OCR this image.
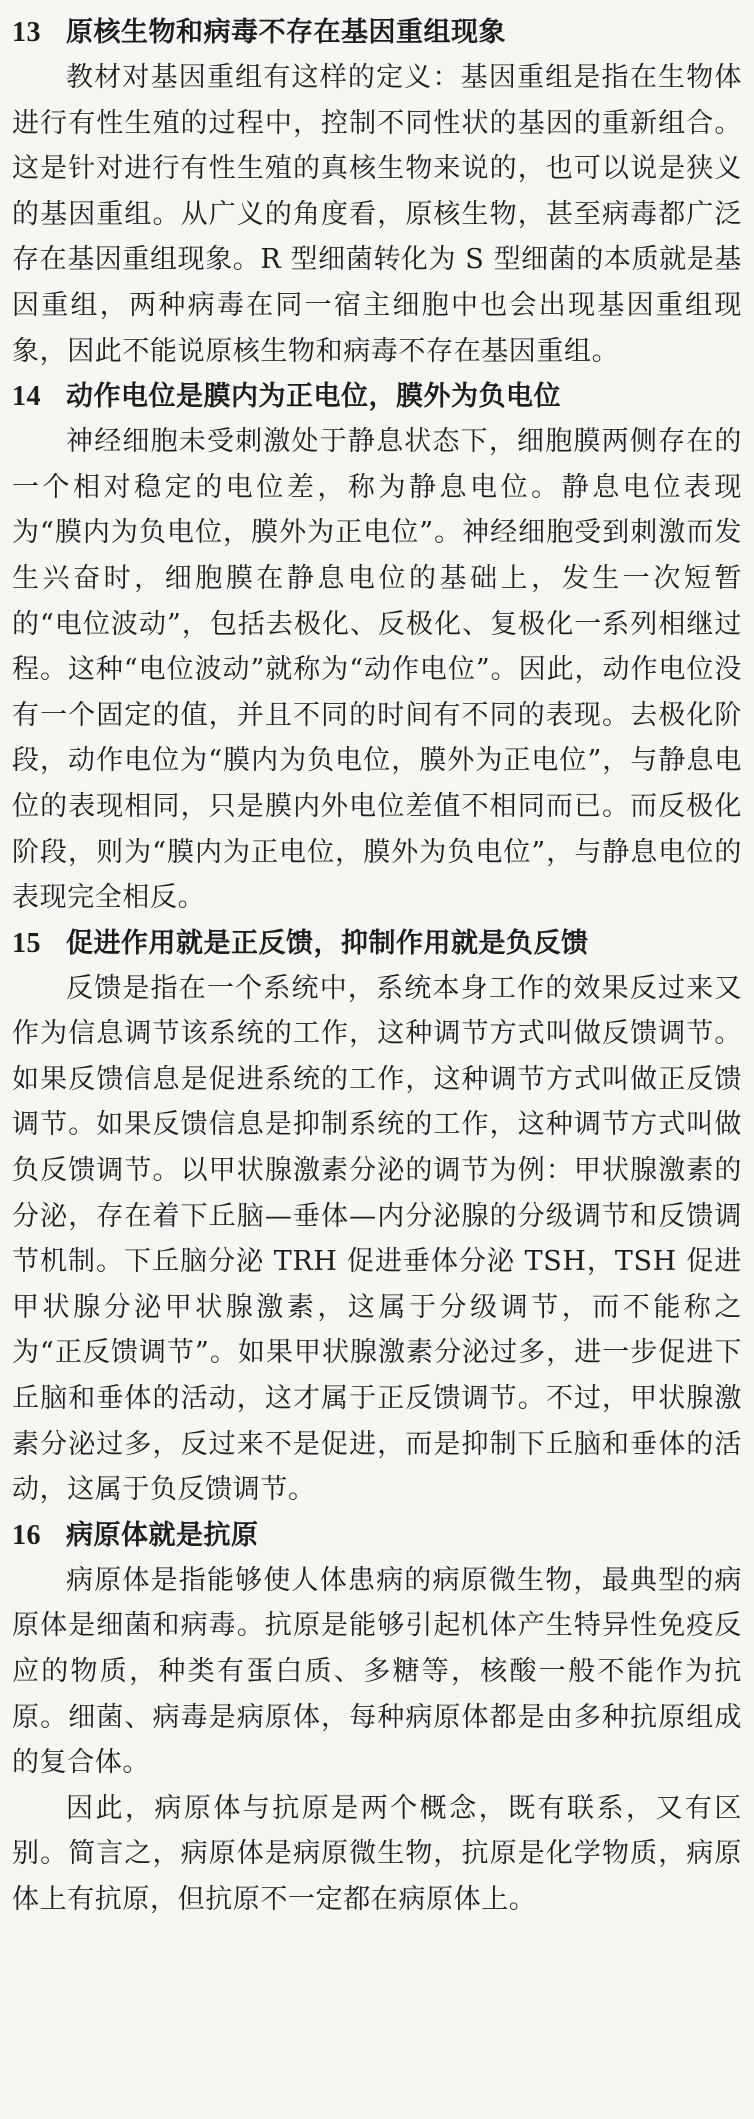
13 原核生物和病毒不存在基因重组现象

教材对基因重组有这样的定义：基因重组是指在生物体进行有性生殖的过程中，控制不同性状的基因的重新组合。这是针对进行有性生殖的真核生物来说的，也可以说是狭义的基因重组。从广义的角度看，原核生物，甚至病毒都广泛存在基因重组现象。R 型细菌转化为 S 型细菌的本质就是基因重组，两种病毒在同一宿主细胞中也会出现基因重组现象，因此不能说原核生物和病毒不存在基因重组。

14 动作电位是膜内为正电位，膜外为负电位

神经细胞未受刺激处于静息状态下，细胞膜两侧存在的一个相对稳定的电位差，称为静息电位。静息电位表现为“膜内为负电位，膜外为正电位”。神经细胞受到刺激而发生兴奋时，细胞膜在静息电位的基础上，发生一次短暂的“电位波动”，包括去极化、反极化、复极化一系列相继过程。这种“电位波动”就称为“动作电位”。因此，动作电位没有一个固定的值，并且不同的时间有不同的表现。去极化阶段，动作电位为“膜内为负电位，膜外为正电位”，与静息电位的表现相同，只是膜内外电位差值不相同而已。而反极化阶段，则为“膜内为正电位，膜外为负电位”，与静息电位的表现完全相反。

15 促进作用就是正反馈，抑制作用就是负反馈

反馈是指在一个系统中，系统本身工作的效果反过来又作为信息调节该系统的工作，这种调节方式叫做反馈调节。如果反馈信息是促进系统的工作，这种调节方式叫做正反馈调节。如果反馈信息是抑制系统的工作，这种调节方式叫做负反馈调节。以甲状腺激素分泌的调节为例：甲状腺激素的分泌，存在着下丘脑—垂体—内分泌腺的分级调节和反馈调节机制。下丘脑分泌 TRH 促进垂体分泌 TSH，TSH 促进甲状腺分泌甲状腺激素，这属于分级调节，而不能称之为“正反馈调节”。如果甲状腺激素分泌过多，进一步促进下丘脑和垂体的活动，这才属于正反馈调节。不过，甲状腺激素分泌过多，反过来不是促进，而是抑制下丘脑和垂体的活动，这属于负反馈调节。

16 病原体就是抗原

病原体是指能够使人体患病的病原微生物，最典型的病原体是细菌和病毒。抗原是能够引起机体产生特异性免疫反应的物质，种类有蛋白质、多糖等，核酸一般不能作为抗原。细菌、病毒是病原体，每种病原体都是由多种抗原组成的复合体。

因此，病原体与抗原是两个概念，既有联系，又有区别。简言之，病原体是病原微生物，抗原是化学物质，病原体上有抗原，但抗原不一定都在病原体上。
